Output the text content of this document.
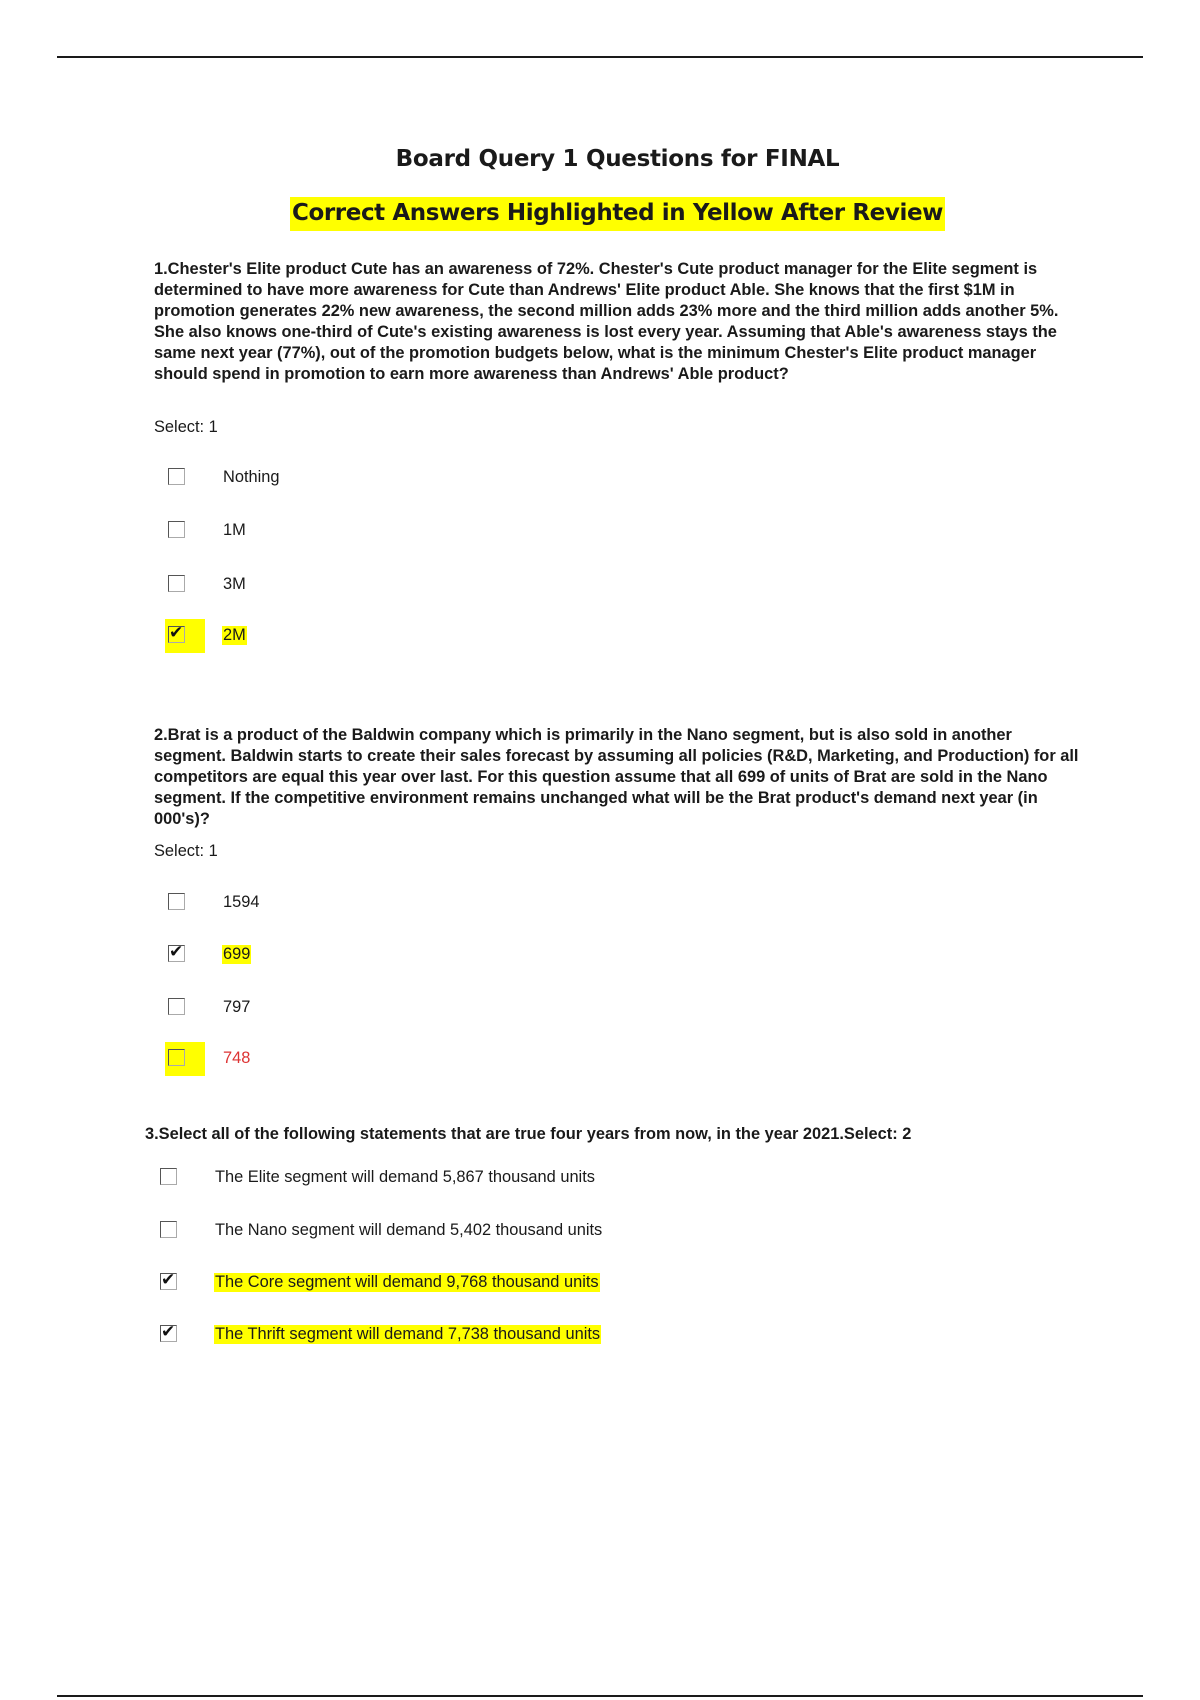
Board Query 1 Questions for FINAL
Correct Answers Highlighted in Yellow After Review
1.Chester's Elite product Cute has an awareness of 72%. Chester's Cute product manager for the Elite segment is determined to have more awareness for Cute than Andrews' Elite product Able. She knows that the first $1M in promotion generates 22% new awareness, the second million adds 23% more and the third million adds another 5%. She also knows one-third of Cute's existing awareness is lost every year. Assuming that Able's awareness stays the same next year (77%), out of the promotion budgets below, what is the minimum Chester's Elite product manager should spend in promotion to earn more awareness than Andrews' Able product?
Select: 1
Nothing
1M
3M
✔ 2M
2.Brat is a product of the Baldwin company which is primarily in the Nano segment, but is also sold in another segment. Baldwin starts to create their sales forecast by assuming all policies (R&D, Marketing, and Production) for all competitors are equal this year over last. For this question assume that all 699 of units of Brat are sold in the Nano segment. If the competitive environment remains unchanged what will be the Brat product's demand next year (in 000's)?
Select: 1
1594
✔ 699
797
748
3.Select all of the following statements that are true four years from now, in the year 2021.Select: 2
The Elite segment will demand 5,867 thousand units
The Nano segment will demand 5,402 thousand units
✔ The Core segment will demand 9,768 thousand units
✔ The Thrift segment will demand 7,738 thousand units
